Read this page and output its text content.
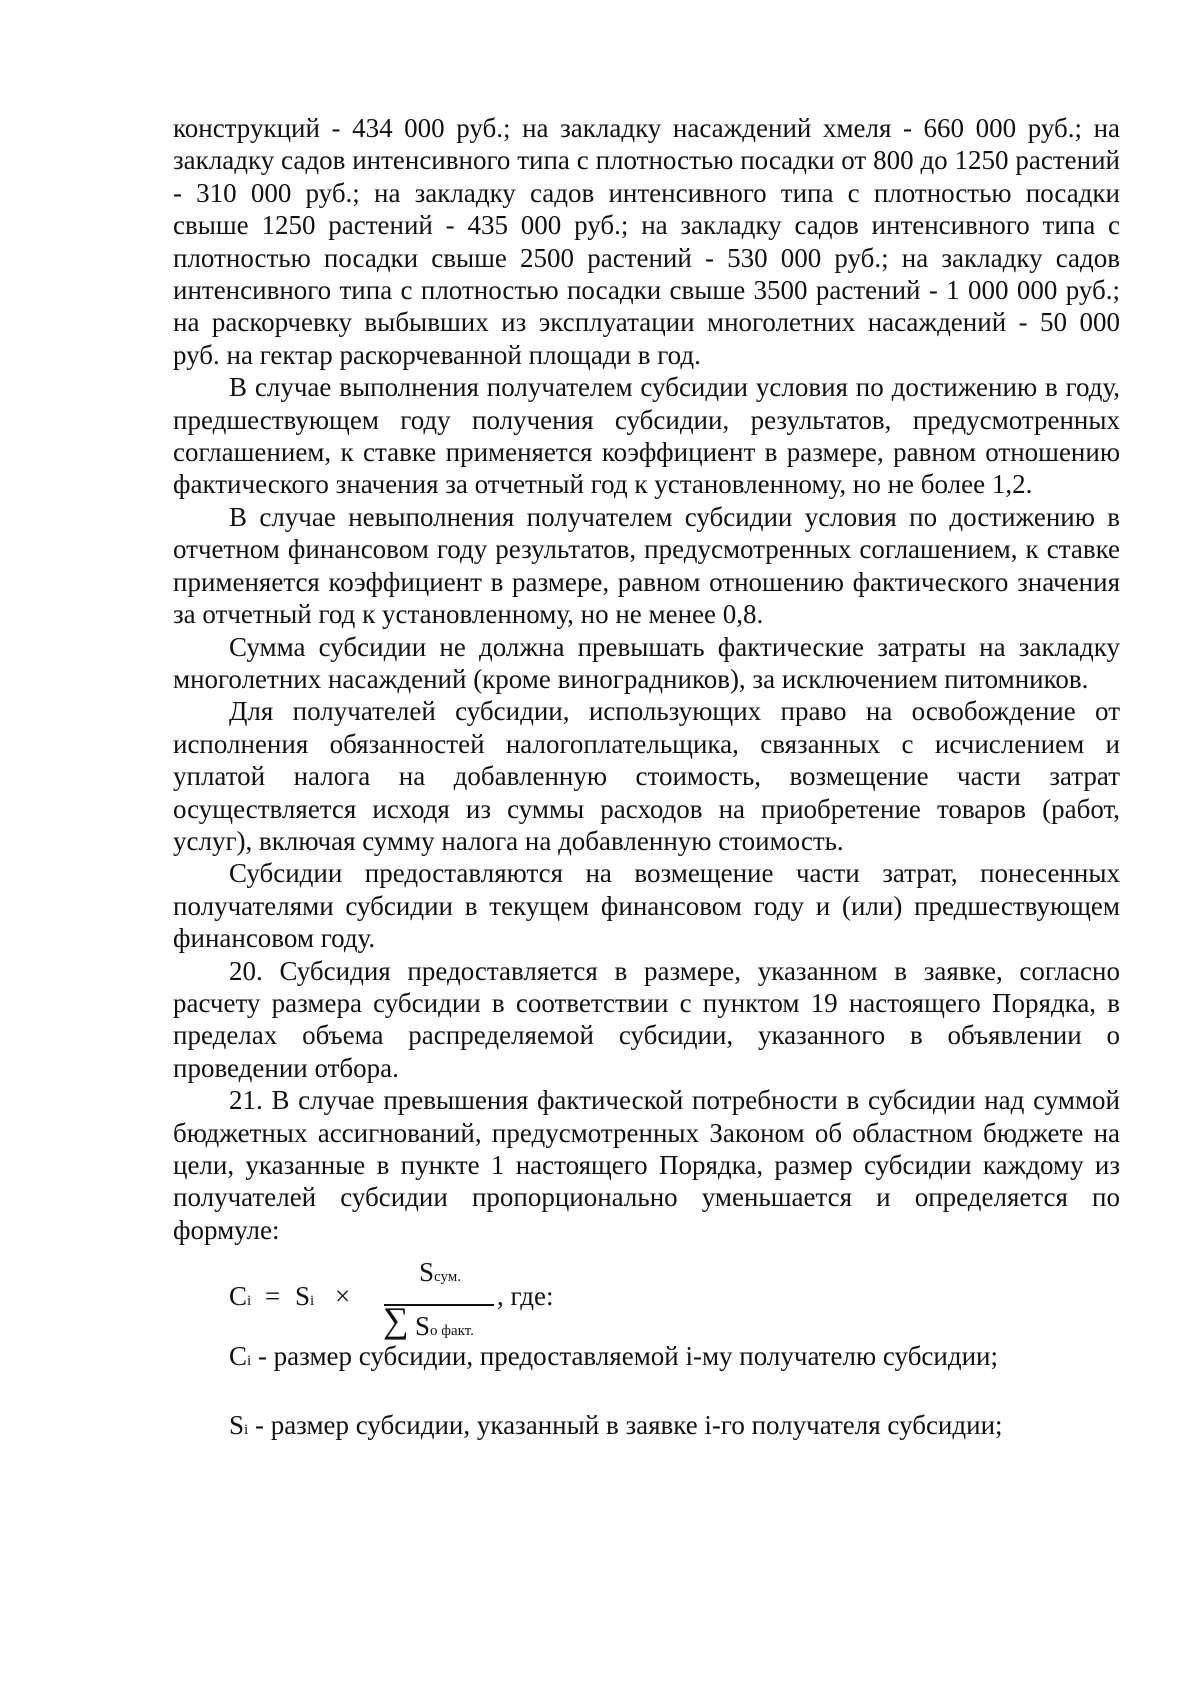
конструкций - 434 000 руб.; на закладку насаждений хмеля - 660 000 руб.; на закладку садов интенсивного типа с плотностью посадки от 800 до 1250 растений - 310 000 руб.; на закладку садов интенсивного типа с плотностью посадки свыше 1250 растений - 435 000 руб.; на закладку садов интенсивного типа с плотностью посадки свыше 2500 растений - 530 000 руб.; на закладку садов интенсивного типа с плотностью посадки свыше 3500 растений - 1 000 000 руб.; на раскорчевку выбывших из эксплуатации многолетних насаждений - 50 000 руб. на гектар раскорчеванной площади в год.

В случае выполнения получателем субсидии условия по достижению в году, предшествующем году получения субсидии, результатов, предусмотренных соглашением, к ставке применяется коэффициент в размере, равном отношению фактического значения за отчетный год к установленному, но не более 1,2.

В случае невыполнения получателем субсидии условия по достижению в отчетном финансовом году результатов, предусмотренных соглашением, к ставке применяется коэффициент в размере, равном отношению фактического значения за отчетный год к установленному, но не менее 0,8.

Сумма субсидии не должна превышать фактические затраты на закладку многолетних насаждений (кроме виноградников), за исключением питомников.

Для получателей субсидии, использующих право на освобождение от исполнения обязанностей налогоплательщика, связанных с исчислением и уплатой налога на добавленную стоимость, возмещение части затрат осуществляется исходя из суммы расходов на приобретение товаров (работ, услуг), включая сумму налога на добавленную стоимость.

Субсидии предоставляются на возмещение части затрат, понесенных получателями субсидии в текущем финансовом году и (или) предшествующем финансовом году.

20. Субсидия предоставляется в размере, указанном в заявке, согласно расчету размера субсидии в соответствии с пунктом 19 настоящего Порядка, в пределах объема распределяемой субсидии, указанного в объявлении о проведении отбора.

21. В случае превышения фактической потребности в субсидии над суммой бюджетных ассигнований, предусмотренных Законом об областном бюджете на цели, указанные в пункте 1 настоящего Порядка, размер субсидии каждому из получателей субсидии пропорционально уменьшается и определяется по формуле:

Ci = Si ×
Sсум.
∑ Sо факт.
, где:

Ci - размер субсидии, предоставляемой i-му получателю субсидии;

Si - размер субсидии, указанный в заявке i-го получателя субсидии;
